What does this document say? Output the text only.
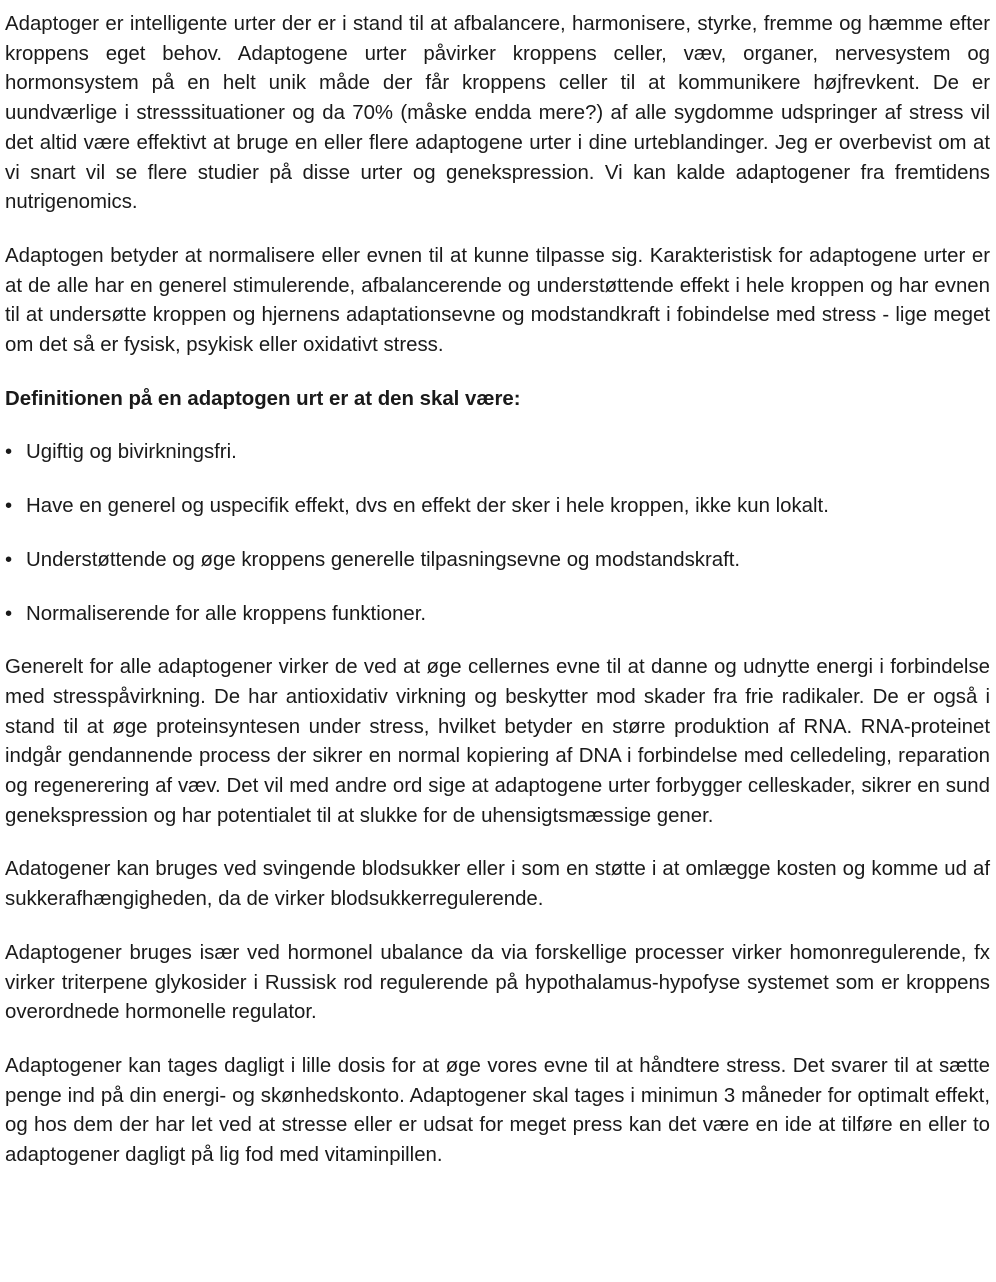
Adaptoger er intelligente urter der er i stand til at afbalancere, harmonisere, styrke, fremme og hæmme efter kroppens eget behov. Adaptogene urter påvirker kroppens celler, væv, organer, nervesystem og hormonsystem på en helt unik måde der får kroppens celler til at kommunikere højfrevkent. De er uundværlige i stresssituationer og da 70% (måske endda mere?) af alle sygdomme udspringer af stress vil det altid være effektivt at bruge en eller flere adaptogene urter i dine urteblandinger. Jeg er overbevist om at vi snart vil se flere studier på disse urter og genekspression. Vi kan kalde adaptogener fra fremtidens nutrigenomics.

Adaptogen betyder at normalisere eller evnen til at kunne tilpasse sig. Karakteristisk for adaptogene urter er at de alle har en generel stimulerende, afbalancerende og understøttende effekt i hele kroppen og har evnen til at undersøtte kroppen og hjernens adaptationsevne og modstandkraft i fobindelse med stress - lige meget om det så er fysisk, psykisk eller oxidativt stress.

Definitionen på en adaptogen urt er at den skal være:

• Ugiftig og bivirkningsfri.
• Have en generel og uspecifik effekt, dvs en effekt der sker i hele kroppen, ikke kun lokalt.
• Understøttende og øge kroppens generelle tilpasningsevne og modstandskraft.
• Normaliserende for alle kroppens funktioner.

Generelt for alle adaptogener virker de ved at øge cellernes evne til at danne og udnytte energi i forbindelse med stresspåvirkning. De har antioxidativ virkning og beskytter mod skader fra frie radikaler. De er også i stand til at øge proteinsyntesen under stress, hvilket betyder en større produktion af RNA. RNA-proteinet indgår gendannende process der sikrer en normal kopiering af DNA i forbindelse med celledeling, reparation og regenerering af væv. Det vil med andre ord sige at adaptogene urter forbygger celleskader, sikrer en sund genekspression og har potentialet til at slukke for de uhensigtsmæssige gener.

Adatogener kan bruges ved svingende blodsukker eller i som en støtte i at omlægge kosten og komme ud af sukkerafhængigheden, da de virker blodsukkerregulerende.

Adaptogener bruges især ved hormonel ubalance da via forskellige processer virker homonregulerende, fx virker triterpene glykosider i Russisk rod regulerende på hypothalamus-hypofyse systemet som er kroppens overordnede hormonelle regulator.

Adaptogener kan tages dagligt i lille dosis for at øge vores evne til at håndtere stress. Det svarer til at sætte penge ind på din energi- og skønhedskonto. Adaptogener skal tages i minimun 3 måneder for optimalt effekt, og hos dem der har let ved at stresse eller er udsat for meget press kan det være en ide at tilføre en eller to adaptogener dagligt på lig fod med vitaminpillen.
